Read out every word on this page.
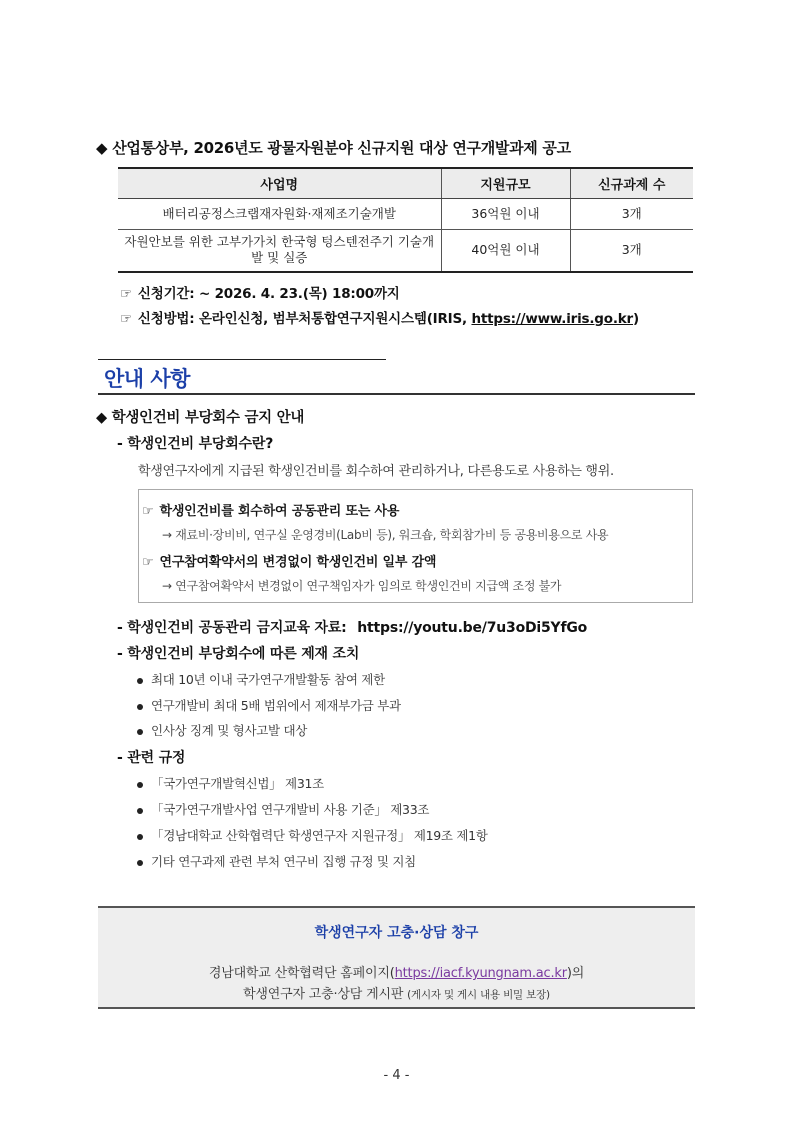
◆ 산업통상부, 2026년도 광물자원분야 신규지원 대상 연구개발과제 공고
사업명	지원규모	신규과제 수
배터리공정스크랩재자원화·재제조기술개발	36억원 이내	3개
자원안보를 위한 고부가가치 한국형 텅스텐전주기 기술개발 및 실증	40억원 이내	3개
☞ 신청기간: ~ 2026. 4. 23.(목) 18:00까지
☞ 신청방법: 온라인신청, 범부처통합연구지원시스템(IRIS, https://www.iris.go.kr)
안내 사항
◆ 학생인건비 부당회수 금지 안내
- 학생인건비 부당회수란?
학생연구자에게 지급된 학생인건비를 회수하여 관리하거나, 다른용도로 사용하는 행위.
☞ 학생인건비를 회수하여 공동관리 또는 사용
→ 재료비·장비비, 연구실 운영경비(Lab비 등), 워크숍, 학회참가비 등 공용비용으로 사용
☞ 연구참여확약서의 변경없이 학생인건비 일부 감액
→ 연구참여확약서 변경없이 연구책임자가 임의로 학생인건비 지급액 조정 불가
- 학생인건비 공동관리 금지교육 자료: https://youtu.be/7u3oDi5YfGo
- 학생인건비 부당회수에 따른 제재 조치
최대 10년 이내 국가연구개발활동 참여 제한
연구개발비 최대 5배 범위에서 제재부가금 부과
인사상 징계 및 형사고발 대상
- 관련 규정
「국가연구개발혁신법」 제31조
「국가연구개발사업 연구개발비 사용 기준」 제33조
「경남대학교 산학협력단 학생연구자 지원규정」 제19조 제1항
기타 연구과제 관련 부처 연구비 집행 규정 및 지침
학생연구자 고충·상담 창구
경남대학교 산학협력단 홈페이지(https://iacf.kyungnam.ac.kr)의
학생연구자 고충·상담 게시판 (게시자 및 게시 내용 비밀 보장)
- 4 -
